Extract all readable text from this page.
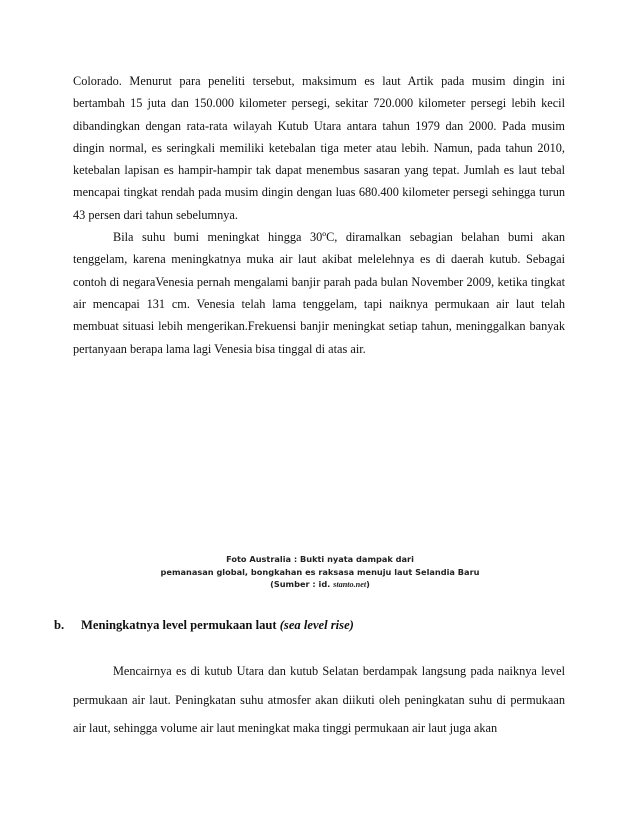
Colorado. Menurut para peneliti tersebut, maksimum es laut Artik pada musim dingin ini bertambah 15 juta dan 150.000 kilometer persegi, sekitar 720.000 kilometer persegi lebih kecil dibandingkan dengan rata-rata wilayah Kutub Utara antara tahun 1979 dan 2000. Pada musim dingin normal, es seringkali memiliki ketebalan tiga meter atau lebih. Namun, pada tahun 2010, ketebalan lapisan es hampir-hampir tak dapat menembus sasaran yang tepat. Jumlah es laut tebal mencapai tingkat rendah pada musim dingin dengan luas 680.400 kilometer persegi sehingga turun 43 persen dari tahun sebelumnya.

Bila suhu bumi meningkat hingga 30ºC, diramalkan sebagian belahan bumi akan tenggelam, karena meningkatnya muka air laut akibat melelehnya es di daerah kutub. Sebagai contoh di negaraVenesia pernah mengalami banjir parah pada bulan November 2009, ketika tingkat air mencapai 131 cm. Venesia telah lama tenggelam, tapi naiknya permukaan air laut telah membuat situasi lebih mengerikan.Frekuensi banjir meningkat setiap tahun, meninggalkan banyak pertanyaan berapa lama lagi Venesia bisa tinggal di atas air.

Foto Australia : Bukti nyata dampak dari
pemanasan global, bongkahan es raksasa menuju laut Selandia Baru
(Sumber : id. stanto.net)
b. Meningkatnya level permukaan laut (sea level rise)

Mencairnya es di kutub Utara dan kutub Selatan berdampak langsung pada naiknya level permukaan air laut. Peningkatan suhu atmosfer akan diikuti oleh peningkatan suhu di permukaan air laut, sehingga volume air laut meningkat maka tinggi permukaan air laut juga akan
